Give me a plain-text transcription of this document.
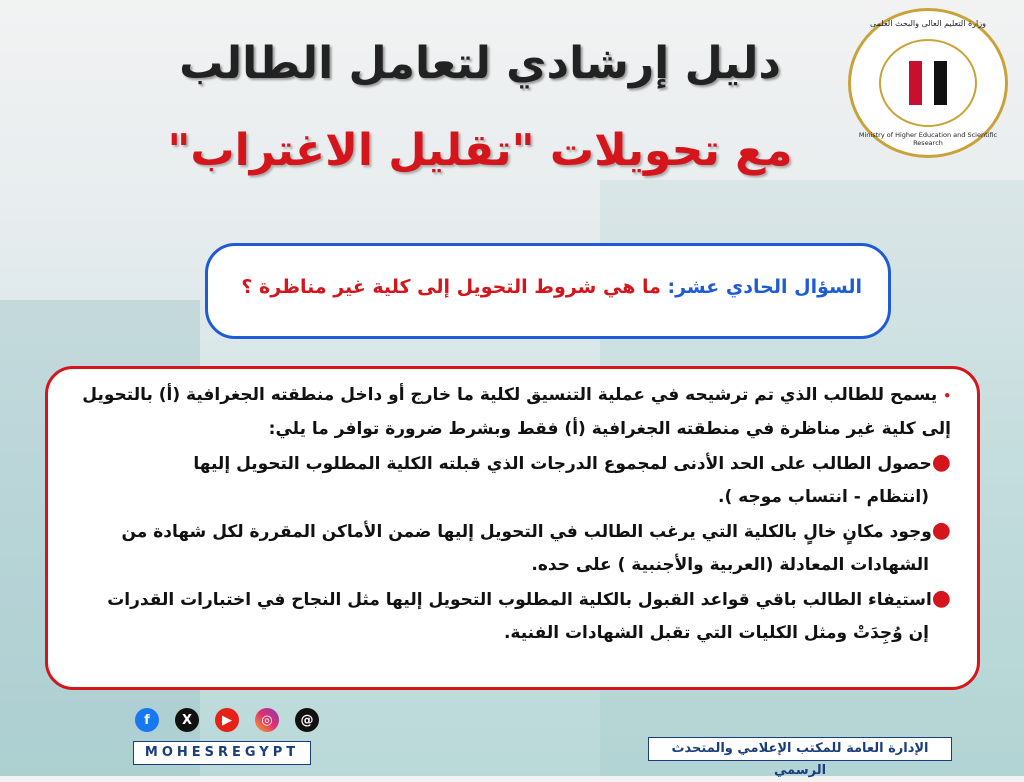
دليل إرشادي لتعامل الطالب
مع تحويلات "تقليل الاغتراب"
وزارة التعليم العالى والبحث العلمى
Ministry of Higher Education and Scientific Research
السؤال الحادي عشر: ما هي شروط التحويل إلى كلية غير مناظرة ؟
•يسمح للطالب الذي تم ترشيحه في عملية التنسيق لكلية ما خارج أو داخل منطقته الجغرافية (أ) بالتحويل إلى كلية غير مناظرة في منطقته الجغرافية (أ) فقط وبشرط ضرورة توافر ما يلي:
●حصول الطالب على الحد الأدنى لمجموع الدرجات الذي قبلته الكلية المطلوب التحويل إليها
(انتظام - انتساب موجه ).
●وجود مكانٍ خالٍ بالكلية التي يرغب الطالب في التحويل إليها ضمن الأماكن المقررة لكل شهادة من
الشهادات المعادلة (العربية والأجنبية ) على حده.
●استيفاء الطالب باقي قواعد القبول بالكلية المطلوب التحويل إليها مثل النجاح في اختبارات القدرات
إن وُجِدَتْ ومثل الكليات التي تقبل الشهادات الفنية.
f	X	▶	◎	@
MOHESREGYPT	الإدارة العامة للمكتب الإعلامي والمتحدث الرسمي
